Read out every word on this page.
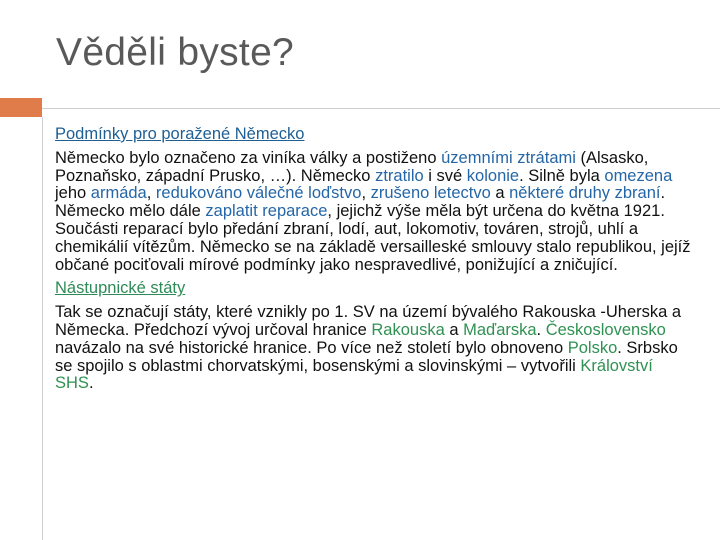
Věděli byste?

Podmínky pro poražené Německo

Německo bylo označeno za viníka války a postiženo územními ztrátami (Alsasko, Poznaňsko, západní Prusko, …). Německo ztratilo i své kolonie. Silně byla omezena jeho armáda, redukováno válečné loďstvo, zrušeno letectvo a některé druhy zbraní. Německo mělo dále zaplatit reparace, jejichž výše měla být určena do května 1921. Součásti reparací bylo předání zbraní, lodí, aut, lokomotiv, továren, strojů, uhlí a chemikálií vítězům. Německo se na základě versailleské smlouvy stalo republikou, jejíž občané pociťovali mírové podmínky jako nespravedlivé, ponižující a zničující.

Nástupnické státy

Tak se označují státy, které vznikly po 1. SV na území bývalého Rakouska -Uherska a Německa. Předchozí vývoj určoval hranice Rakouska a Maďarska. Československo navázalo na své historické hranice. Po více než století bylo obnoveno Polsko. Srbsko se spojilo s oblastmi chorvatskými, bosenskými a slovinskými – vytvořili Království SHS.
